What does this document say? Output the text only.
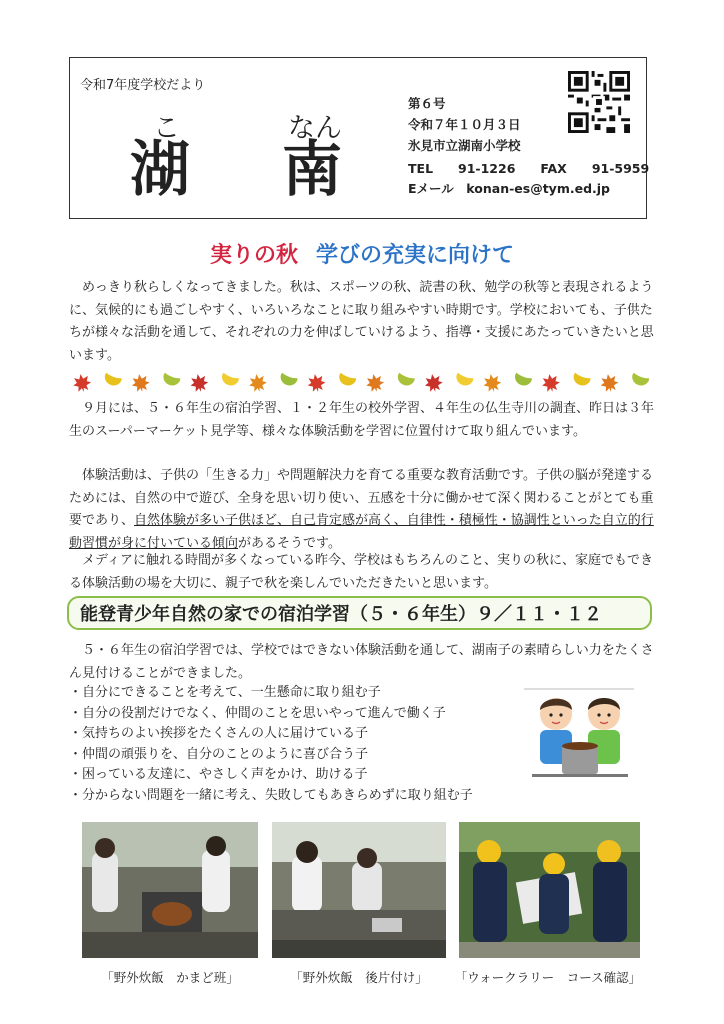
令和7年度学校だより
こ	なん
湖 南
第６号
令和７年１０月３日
氷見市立湖南小学校
TEL　　91-1226　　FAX　　91-5959
Eメール　konan-es@tym.ed.jp
実りの秋 学びの充実に向けて
　めっきり秋らしくなってきました。秋は、スポーツの秋、読書の秋、勉学の秋等と表現されるように、気候的にも過ごしやすく、いろいろなことに取り組みやすい時期です。学校においても、子供たちが様々な活動を通して、それぞれの力を伸ばしていけるよう、指導・支援にあたっていきたいと思います。
　９月には、５・６年生の宿泊学習、１・２年生の校外学習、４年生の仏生寺川の調査、昨日は３年生のスーパーマーケット見学等、様々な体験活動を学習に位置付けて取り組んでいます。
　体験活動は、子供の「生きる力」や問題解決力を育てる重要な教育活動です。子供の脳が発達するためには、自然の中で遊び、全身を思い切り使い、五感を十分に働かせて深く関わることがとても重要であり、自然体験が多い子供ほど、自己肯定感が高く、自律性・積極性・協調性といった自立的行動習慣が身に付いている傾向があるそうです。
　メディアに触れる時間が多くなっている昨今、学校はもちろんのこと、実りの秋に、家庭でもできる体験活動の場を大切に、親子で秋を楽しんでいただきたいと思います。
能登青少年自然の家での宿泊学習（５・６年生）９／１１・１２
　５・６年生の宿泊学習では、学校ではできない体験活動を通して、湖南子の素晴らしい力をたくさん見付けることができました。
・自分にできることを考えて、一生懸命に取り組む子
・自分の役割だけでなく、仲間のことを思いやって進んで働く子
・気持ちのよい挨拶をたくさんの人に届けている子
・仲間の頑張りを、自分のことのように喜び合う子
・困っている友達に、やさしく声をかけ、助ける子
・分からない問題を一緒に考え、失敗してもあきらめずに取り組む子
「野外炊飯　かまど班」	「野外炊飯　後片付け」	「ウォークラリー　コース確認」
